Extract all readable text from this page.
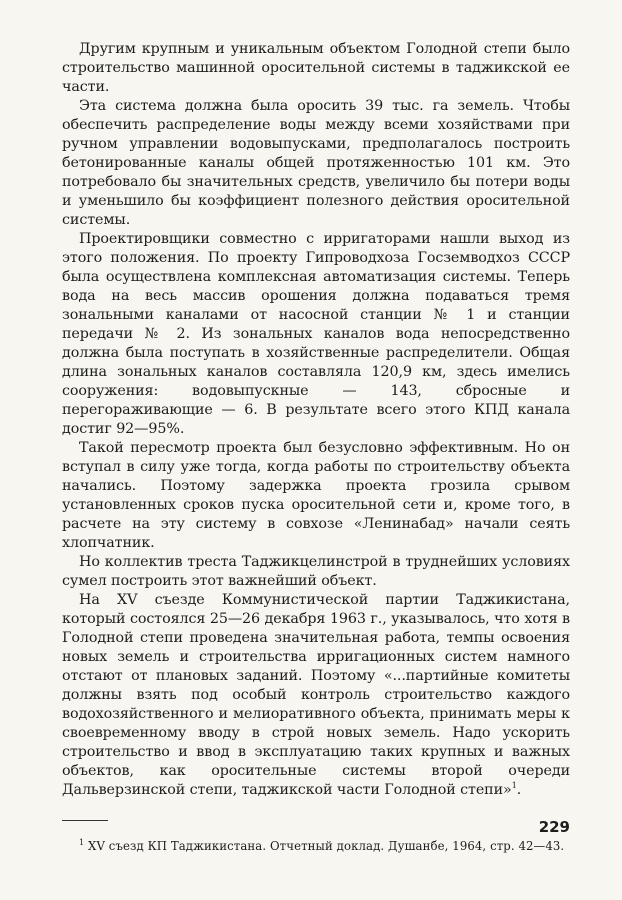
Другим крупным и уникальным объектом Голодной степи было строительство машинной оросительной системы в таджикской ее части.

Эта система должна была оросить 39 тыс. га земель. Чтобы обеспечить распределение воды между всеми хозяйствами при ручном управлении водовыпусками, предполагалось построить бетонированные каналы общей протяженностью 101 км. Это потребовало бы значительных средств, увеличило бы потери воды и уменьшило бы коэффициент полезного действия оросительной системы.

Проектировщики совместно с ирригаторами нашли выход из этого положения. По проекту Гипроводхоза Госземводхоз СССР была осуществлена комплексная автоматизация системы. Теперь вода на весь массив орошения должна подаваться тремя зональными каналами от насосной станции № 1 и станции передачи № 2. Из зональных каналов вода непосредственно должна была поступать в хозяйственные распределители. Общая длина зональных каналов составляла 120,9 км, здесь имелись сооружения: водовыпускные — 143, сбросные и перегораживающие — 6. В результате всего этого КПД канала достиг 92—95%.

Такой пересмотр проекта был безусловно эффективным. Но он вступал в силу уже тогда, когда работы по строительству объекта начались. Поэтому задержка проекта грозила срывом установленных сроков пуска оросительной сети и, кроме того, в расчете на эту систему в совхозе «Ленинабад» начали сеять хлопчатник.

Но коллектив треста Таджикцелинстрой в труднейших условиях сумел построить этот важнейший объект.

На XV съезде Коммунистической партии Таджикистана, который состоялся 25—26 декабря 1963 г., указывалось, что хотя в Голодной степи проведена значительная работа, темпы освоения новых земель и строительства ирригационных систем намного отстают от плановых заданий. Поэтому «...партийные комитеты должны взять под особый контроль строительство каждого водохозяйственного и мелиоративного объекта, принимать меры к своевременному вводу в строй новых земель. Надо ускорить строительство и ввод в эксплуатацию таких крупных и важных объектов, как оросительные системы второй очереди Дальверзинской степи, таджикской части Голодной степи»$^1$.

$^1$ XV съезд КП Таджикистана. Отчетный доклад. Душанбе, 1964, стр. 42—43.

229
